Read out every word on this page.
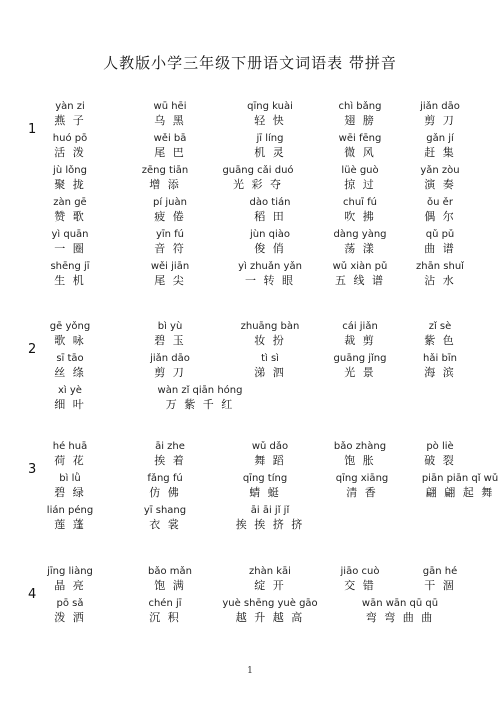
人教版小学三年级下册语文词语表 带拼音
1
yàn zi
燕 子
wū hēi
乌 黑
qīng kuài
轻 快
chì bǎng
翅 膀
jiǎn dāo
剪 刀
huó pō
活 泼
wěi bā
尾 巴
jī líng
机 灵
wēi fēng
微 风
gǎn jí
赶 集
jù lǒng
聚 拢
zēng tiān
增 添
guāng cǎi duó
光 彩 夺
lüè guò
掠 过
yǎn zòu
演 奏
zàn gē
赞 歌
pí juàn
疲 倦
dào tián
稻 田
chuī fú
吹 拂
ǒu ěr
偶 尔
yì quān
一 圈
yīn fú
音 符
jùn qiào
俊 俏
dàng yàng
荡 漾
qǔ pǔ
曲 谱
shēng jī
生 机
wěi jiān
尾 尖
yì zhuǎn yǎn
一 转 眼
wǔ xiàn pǔ
五 线 谱
zhān shuǐ
沾 水
2
gē yǒng
歌 咏
bì yù
碧 玉
zhuāng bàn
妆 扮
cái jiǎn
裁 剪
zǐ sè
紫 色
sī tāo
丝 绦
jiǎn dāo
剪 刀
tì sì
涕 泗
guāng jǐng
光 景
hǎi bīn
海 滨
xì yè
细 叶
wàn zǐ qiān hóng
万 紫 千 红
3
hé huā
荷 花
āi zhe
挨 着
wǔ dǎo
舞 蹈
bǎo zhàng
饱 胀
pò liè
破 裂
bì lǜ
碧 绿
fǎng fú
仿 佛
qīng tíng
蜻 蜓
qīng xiāng
清 香
piān piān qǐ wǔ
翩 翩 起 舞
lián péng
莲 蓬
yī shang
衣 裳
āi āi jǐ jǐ
挨 挨 挤 挤
4
jīng liàng
晶 亮
bǎo mǎn
饱 满
zhàn kāi
绽 开
jiāo cuò
交 错
gān hé
干 涸
pō sǎ
泼 洒
chén jī
沉 积
yuè shēng yuè gāo
越 升 越 高
wān wān qū qū
弯 弯 曲 曲
1
